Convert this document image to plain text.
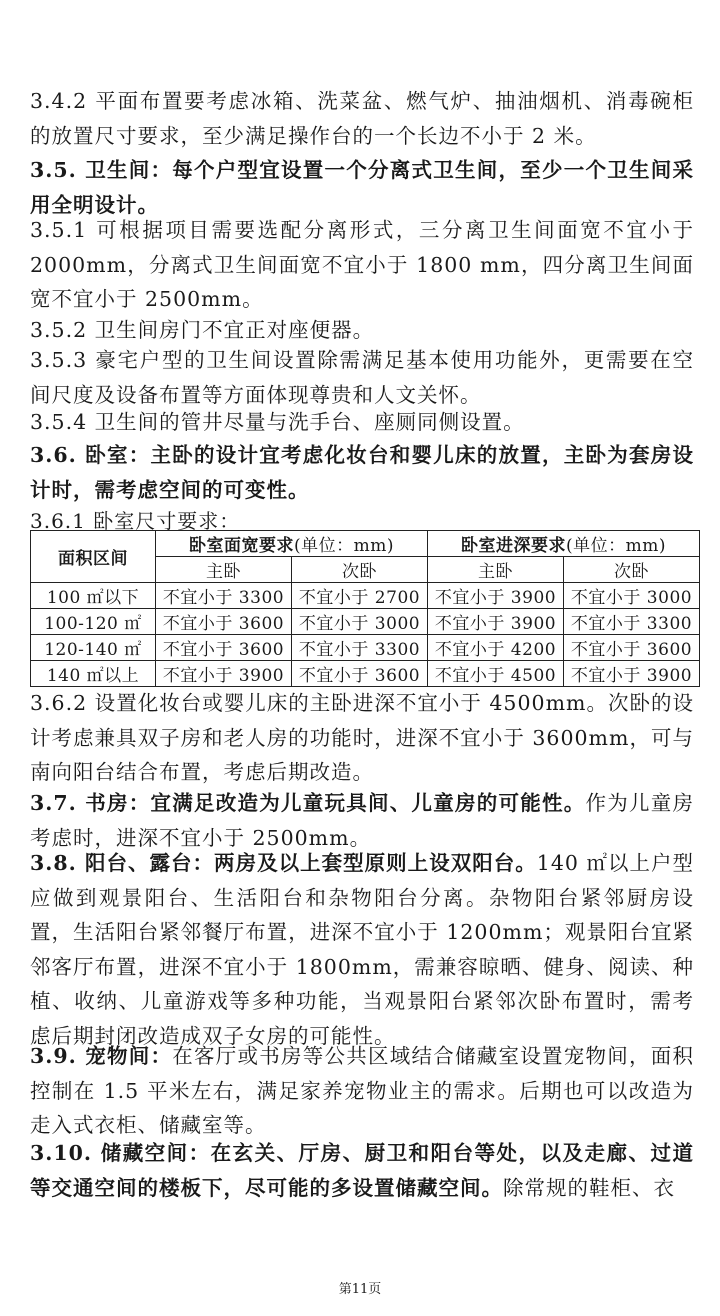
3.4.2 平面布置要考虑冰箱、洗菜盆、燃气炉、抽油烟机、消毒碗柜的放置尺寸要求，至少满足操作台的一个长边不小于 2 米。

3.5. 卫生间：每个户型宜设置一个分离式卫生间，至少一个卫生间采用全明设计。

3.5.1 可根据项目需要选配分离形式，三分离卫生间面宽不宜小于 2000mm，分离式卫生间面宽不宜小于 1800 mm，四分离卫生间面宽不宜小于 2500mm。

3.5.2 卫生间房门不宜正对座便器。

3.5.3 豪宅户型的卫生间设置除需满足基本使用功能外，更需要在空间尺度及设备布置等方面体现尊贵和人文关怀。

3.5.4 卫生间的管井尽量与洗手台、座厕同侧设置。

3.6. 卧室：主卧的设计宜考虑化妆台和婴儿床的放置，主卧为套房设计时，需考虑空间的可变性。

3.6.1 卧室尺寸要求：

面积区间	卧室面宽要求(单位：mm)		卧室进深要求(单位：mm)	
	主卧	次卧	主卧	次卧
100 ㎡以下	不宜小于 3300	不宜小于 2700	不宜小于 3900	不宜小于 3000
100-120 ㎡	不宜小于 3600	不宜小于 3000	不宜小于 3900	不宜小于 3300
120-140 ㎡	不宜小于 3600	不宜小于 3300	不宜小于 4200	不宜小于 3600
140 ㎡以上	不宜小于 3900	不宜小于 3600	不宜小于 4500	不宜小于 3900

3.6.2 设置化妆台或婴儿床的主卧进深不宜小于 4500mm。次卧的设计考虑兼具双子房和老人房的功能时，进深不宜小于 3600mm，可与南向阳台结合布置，考虑后期改造。

3.7. 书房：宜满足改造为儿童玩具间、儿童房的可能性。作为儿童房考虑时，进深不宜小于 2500mm。

3.8. 阳台、露台：两房及以上套型原则上设双阳台。140 ㎡以上户型应做到观景阳台、生活阳台和杂物阳台分离。杂物阳台紧邻厨房设置，生活阳台紧邻餐厅布置，进深不宜小于 1200mm；观景阳台宜紧邻客厅布置，进深不宜小于 1800mm，需兼容晾晒、健身、阅读、种植、收纳、儿童游戏等多种功能，当观景阳台紧邻次卧布置时，需考虑后期封闭改造成双子女房的可能性。

3.9. 宠物间：在客厅或书房等公共区域结合储藏室设置宠物间，面积控制在 1.5 平米左右，满足家养宠物业主的需求。后期也可以改造为走入式衣柜、储藏室等。

3.10. 储藏空间：在玄关、厅房、厨卫和阳台等处，以及走廊、过道等交通空间的楼板下，尽可能的多设置储藏空间。除常规的鞋柜、衣

第11页
